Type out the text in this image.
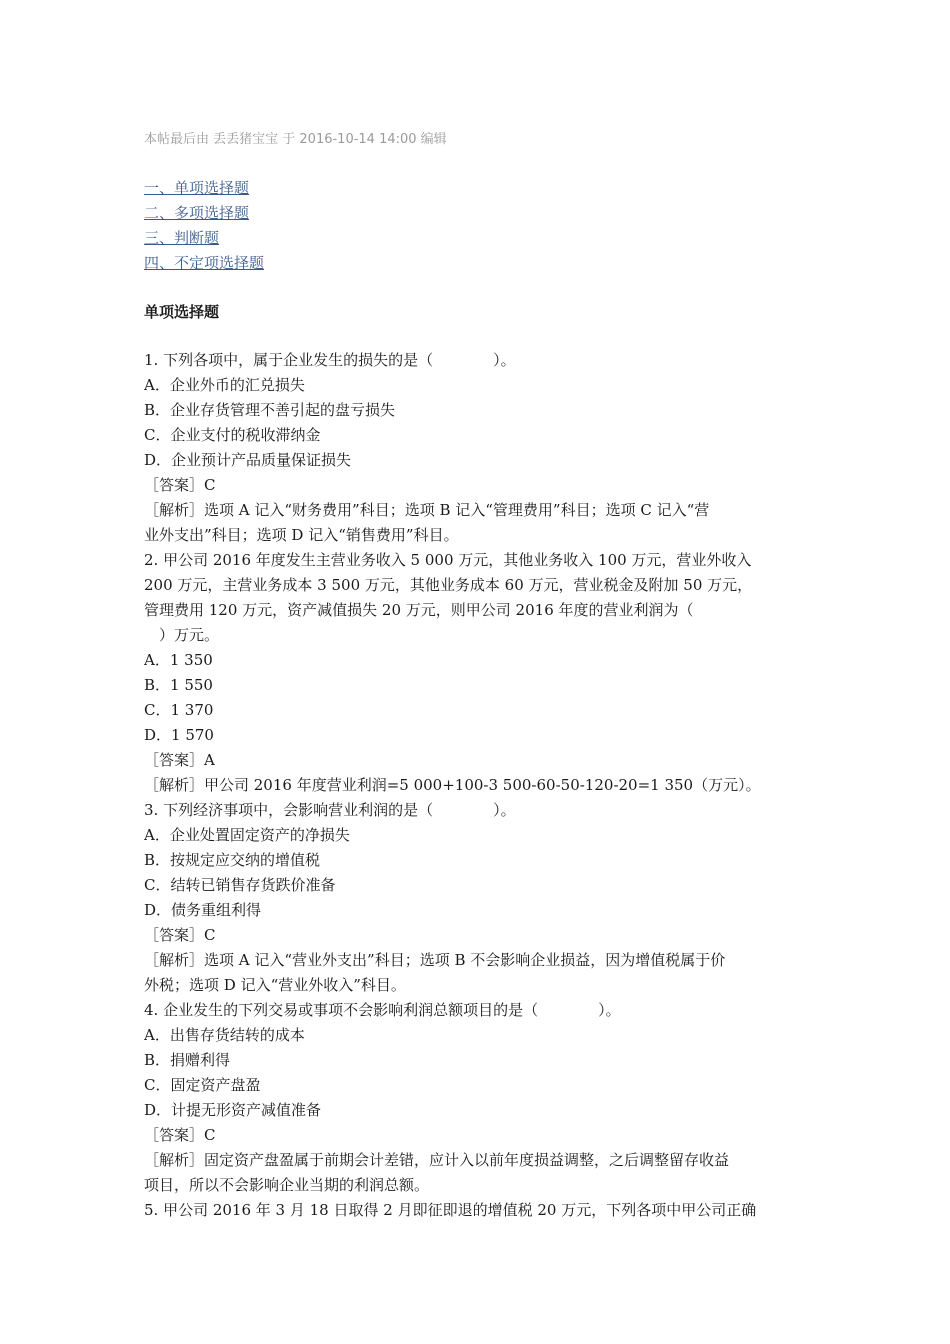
本帖最后由 丢丢猪宝宝 于 2016-10-14 14:00 编辑
一、单项选择题
二、多项选择题
三、判断题
四、不定项选择题
单项选择题
1. 下列各项中，属于企业发生的损失的是（　　　　）。
A．企业外币的汇兑损失
B．企业存货管理不善引起的盘亏损失
C．企业支付的税收滞纳金
D．企业预计产品质量保证损失
［答案］C
［解析］选项 A 记入“财务费用”科目；选项 B 记入“管理费用”科目；选项 C 记入“营
业外支出”科目；选项 D 记入“销售费用”科目。
2. 甲公司 2016 年度发生主营业务收入 5 000 万元，其他业务收入 100 万元，营业外收入
200 万元，主营业务成本 3 500 万元，其他业务成本 60 万元，营业税金及附加 50 万元，
管理费用 120 万元，资产减值损失 20 万元，则甲公司 2016 年度的营业利润为（
　）万元。
A．1 350
B．1 550
C．1 370
D．1 570
［答案］A
［解析］甲公司 2016 年度营业利润=5 000+100-3 500-60-50-120-20=1 350（万元）。
3. 下列经济事项中，会影响营业利润的是（　　　　）。
A．企业处置固定资产的净损失
B．按规定应交纳的增值税
C．结转已销售存货跌价准备
D．债务重组利得
［答案］C
［解析］选项 A 记入“营业外支出”科目；选项 B 不会影响企业损益，因为增值税属于价
外税；选项 D 记入“营业外收入”科目。
4. 企业发生的下列交易或事项不会影响利润总额项目的是（　　　　）。
A．出售存货结转的成本
B．捐赠利得
C．固定资产盘盈
D．计提无形资产减值准备
［答案］C
［解析］固定资产盘盈属于前期会计差错，应计入以前年度损益调整，之后调整留存收益
项目，所以不会影响企业当期的利润总额。
5. 甲公司 2016 年 3 月 18 日取得 2 月即征即退的增值税 20 万元，下列各项中甲公司正确
